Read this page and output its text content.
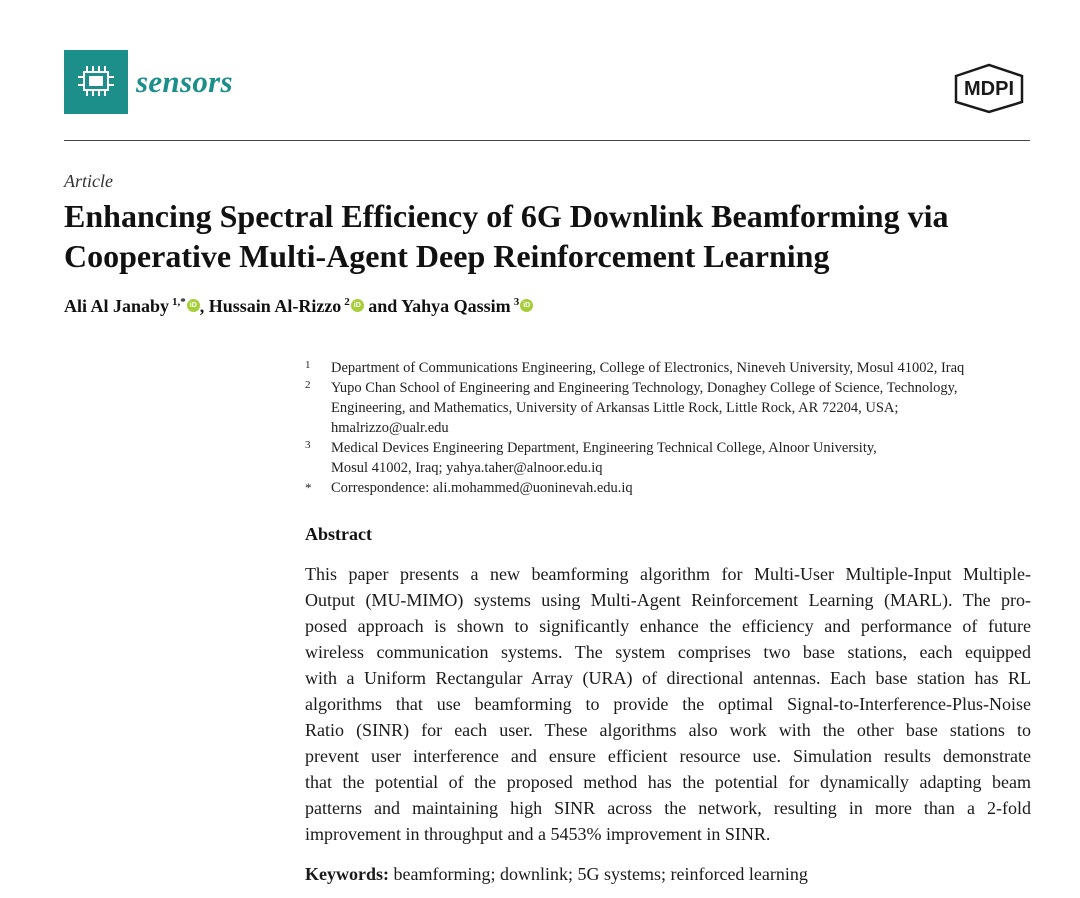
sensors	MDPI
Article
Enhancing Spectral Efficiency of 6G Downlink Beamforming via
Cooperative Multi-Agent Deep Reinforcement Learning
Ali Al Janaby $^{1,*}$ iD , Hussain Al-Rizzo $^2$ iD and Yahya Qassim $^3$ iD
1 Department of Communications Engineering, College of Electronics, Nineveh University, Mosul 41002, Iraq
2 Yupo Chan School of Engineering and Engineering Technology, Donaghey College of Science, Technology,
Engineering, and Mathematics, University of Arkansas Little Rock, Little Rock, AR 72204, USA;
hmalrizzo@ualr.edu
3 Medical Devices Engineering Department, Engineering Technical College, Alnoor University,
Mosul 41002, Iraq; yahya.taher@alnoor.edu.iq
* Correspondence: ali.mohammed@uoninevah.edu.iq
Abstract
This paper presents a new beamforming algorithm for Multi-User Multiple-Input Multiple-
Output (MU-MIMO) systems using Multi-Agent Reinforcement Learning (MARL). The pro-
posed approach is shown to significantly enhance the efficiency and performance of future
wireless communication systems. The system comprises two base stations, each equipped
with a Uniform Rectangular Array (URA) of directional antennas. Each base station has RL
algorithms that use beamforming to provide the optimal Signal-to-Interference-Plus-Noise
Ratio (SINR) for each user. These algorithms also work with the other base stations to
prevent user interference and ensure efficient resource use. Simulation results demonstrate
that the potential of the proposed method has the potential for dynamically adapting beam
patterns and maintaining high SINR across the network, resulting in more than a 2-fold
improvement in throughput and a 5453% improvement in SINR.
Keywords: beamforming; downlink; 5G systems; reinforced learning
